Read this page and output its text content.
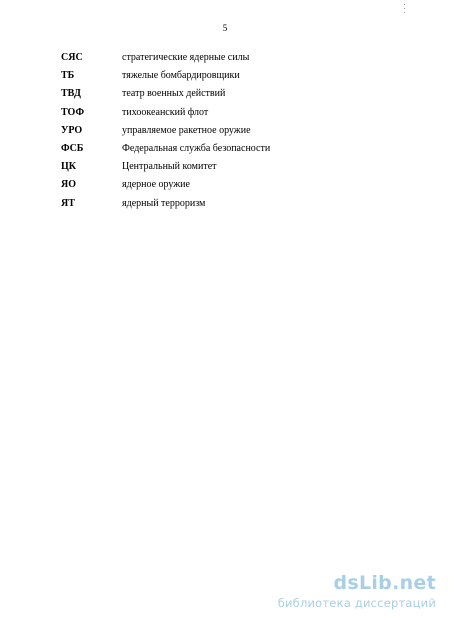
5
СЯС	стратегические ядерные силы
ТБ	тяжелые бомбардировщики
ТВД	театр военных действий
ТОФ	тихоокеанский флот
УРО	управляемое ракетное оружие
ФСБ	Федеральная служба безопасности
ЦК	Центральный комитет
ЯО	ядерное оружие
ЯТ	ядерный терроризм
dsLib.net
библиотека диссертаций
